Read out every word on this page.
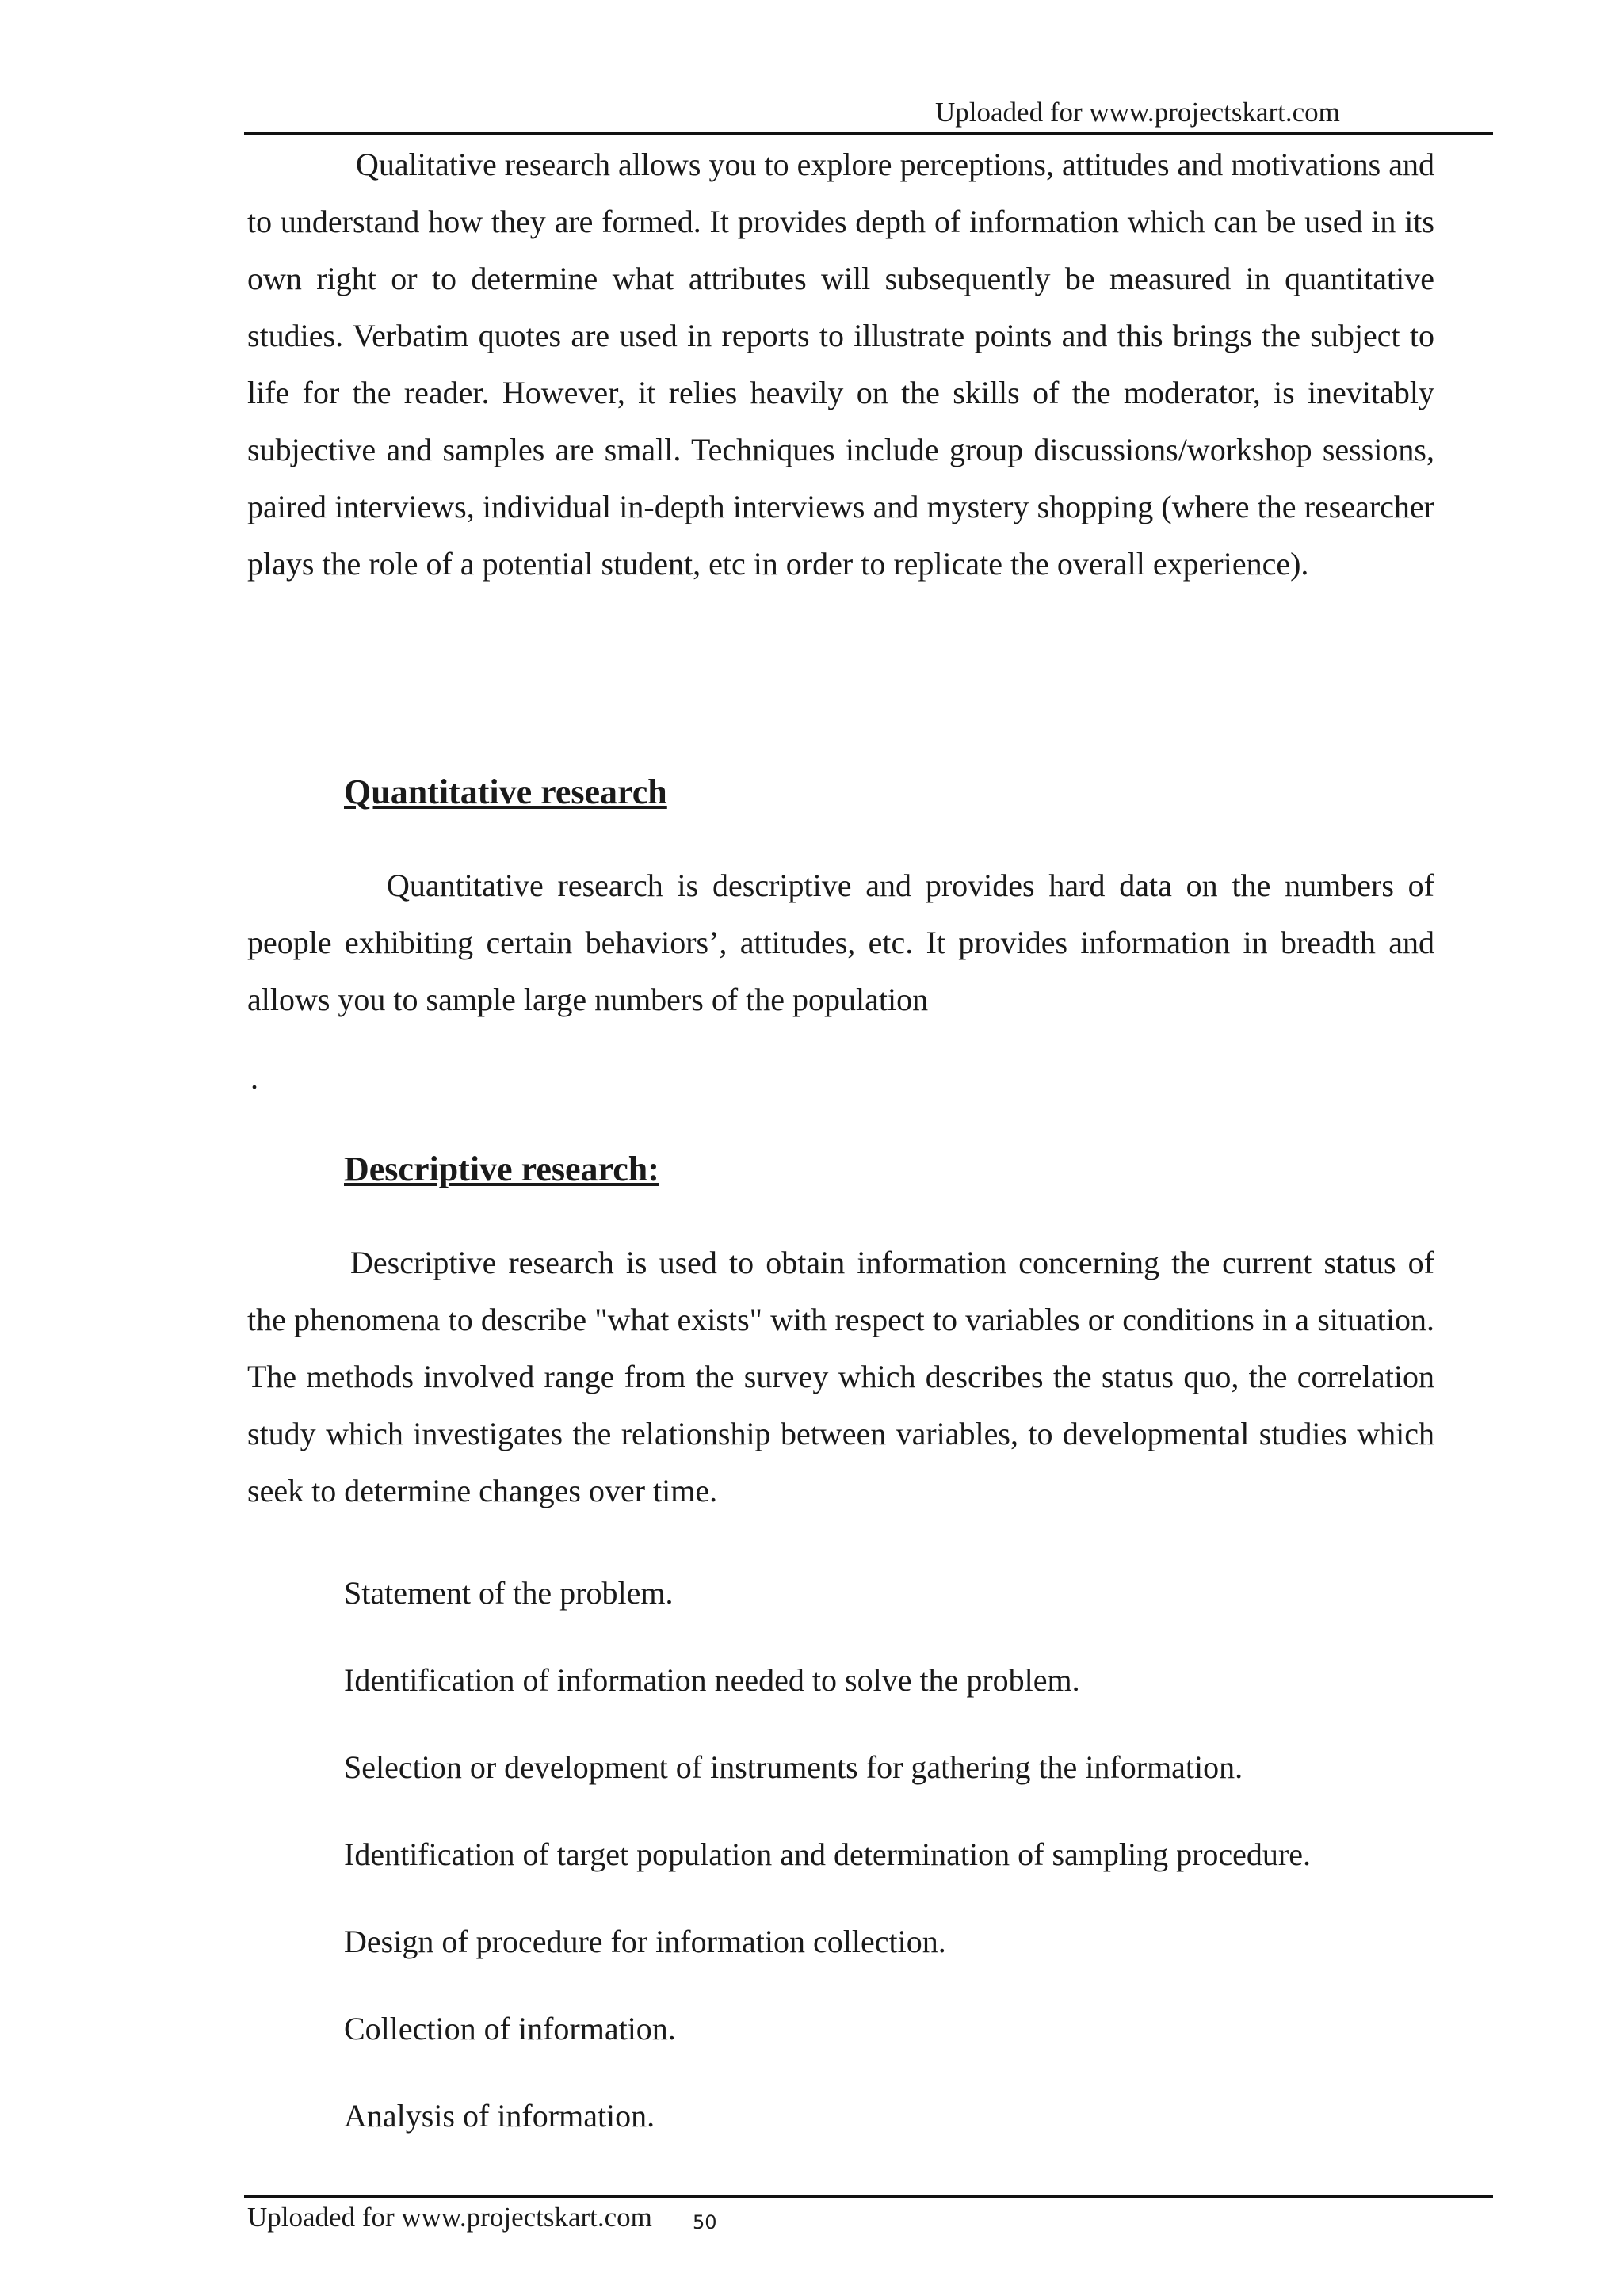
Uploaded for www.projectskart.com

Qualitative research allows you to explore perceptions, attitudes and motivations and to understand how they are formed. It provides depth of information which can be used in its own right or to determine what attributes will subsequently be measured in quantitative studies. Verbatim quotes are used in reports to illustrate points and this brings the subject to life for the reader. However, it relies heavily on the skills of the moderator, is inevitably subjective and samples are small. Techniques include group discussions/workshop sessions, paired interviews, individual in-depth interviews and mystery shopping (where the researcher plays the role of a potential student, etc in order to replicate the overall experience).

Quantitative research

Quantitative research is descriptive and provides hard data on the numbers of people exhibiting certain behaviors’, attitudes, etc. It provides information in breadth and allows you to sample large numbers of the population

.
Descriptive research:

Descriptive research is used to obtain information concerning the current status of the phenomena to describe "what exists" with respect to variables or conditions in a situation. The methods involved range from the survey which describes the status quo, the correlation study which investigates the relationship between variables, to developmental studies which seek to determine changes over time.

Statement of the problem.
Identification of information needed to solve the problem.
Selection or development of instruments for gathering the information.
Identification of target population and determination of sampling procedure.
Design of procedure for information collection.
Collection of information.
Analysis of information.
Uploaded for www.projectskart.com 50
